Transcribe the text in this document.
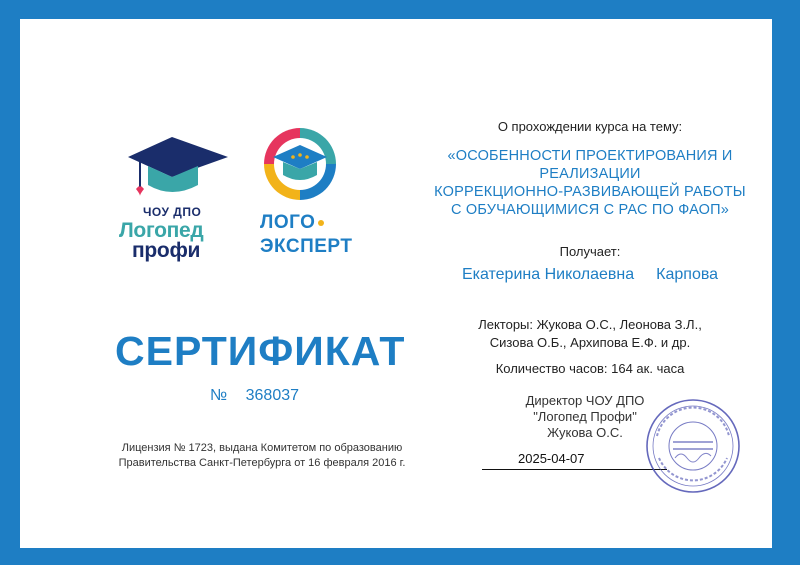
ЧОУ ДПО
Логопед
профи
ЛОГО
ЭКСПЕРТ
СЕРТИФИКАТ
№ 368037
Лицензия № 1723, выдана Комитетом по образованию
Правительства Санкт-Петербурга от 16 февраля 2016 г.
О прохождении курса на тему:
«ОСОБЕННОСТИ ПРОЕКТИРОВАНИЯ И
РЕАЛИЗАЦИИ
КОРРЕКЦИОННО-РАЗВИВАЮЩЕЙ РАБОТЫ
С ОБУЧАЮЩИМИСЯ С РАС ПО ФАОП»
Получает:
Екатерина Николаевна Карпова
Лекторы: Жукова О.С., Леонова З.Л.,
Сизова О.Б., Архипова Е.Ф. и др.
Количество часов: 164 ак. часа
Директор ЧОУ ДПО
"Логопед Профи"
Жукова О.С.
2025-04-07
